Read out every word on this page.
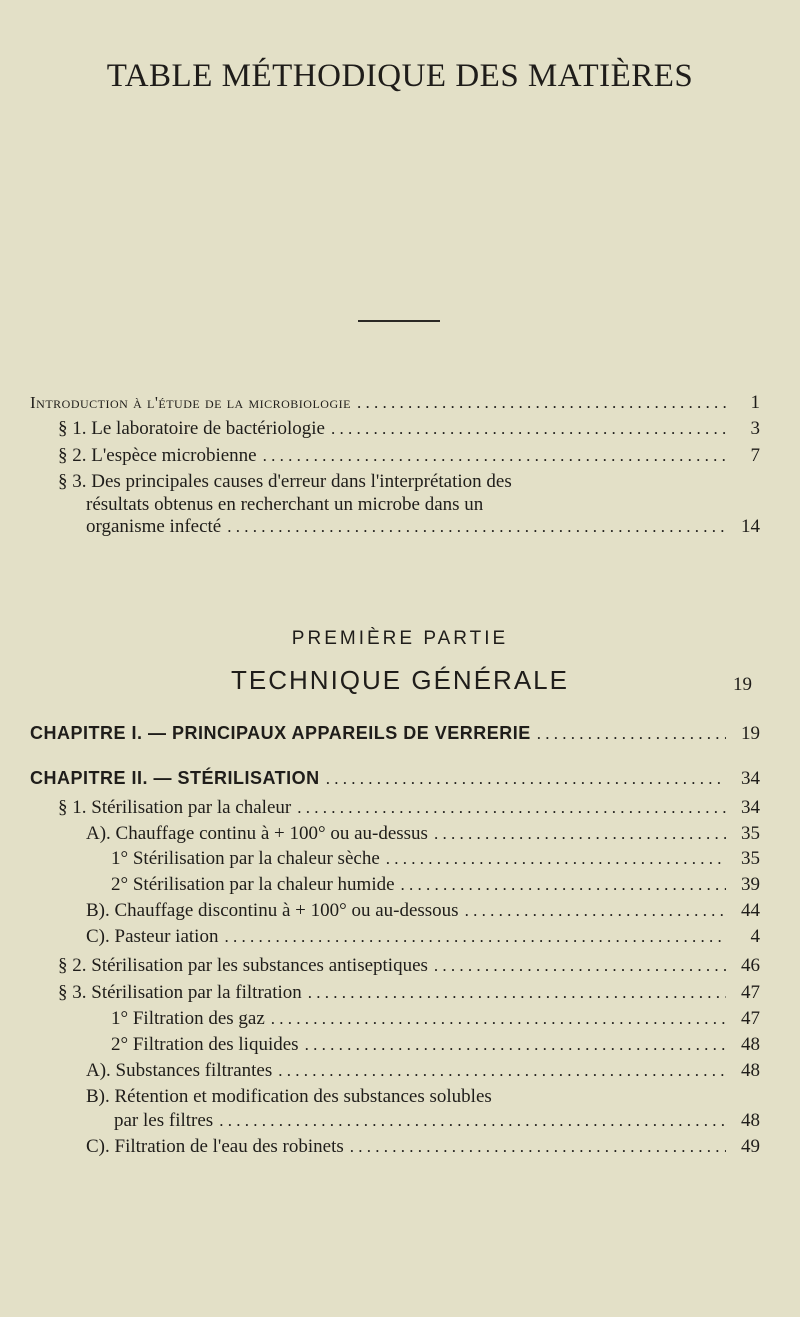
TABLE MÉTHODIQUE DES MATIÈRES
Introduction à l'étude de la microbiologie . . .	1
§ 1. Le laboratoire de bactériologie . . .	3
§ 2. L'espèce microbienne . . .	7
§ 3. Des principales causes d'erreur dans l'interprétation des
résultats obtenus en recherchant un microbe dans un
organisme infecté . . .	14
PREMIÈRE PARTIE
TECHNIQUE GÉNÉRALE	19
CHAPITRE I. — PRINCIPAUX APPAREILS DE VERRERIE . . .	19
CHAPITRE II. — STÉRILISATION . . .	34
§ 1. Stérilisation par la chaleur . . .	34
A). Chauffage continu à + 100° ou au-dessus . . .	35
1° Stérilisation par la chaleur sèche . . .	35
2° Stérilisation par la chaleur humide . . .	39
B). Chauffage discontinu à + 100° ou au-dessous . . .	44
C). Pasteur iation . . .	4
§ 2. Stérilisation par les substances antiseptiques . . .	46
§ 3. Stérilisation par la filtration . . .	47
1° Filtration des gaz . . .	47
2° Filtration des liquides . . .	48
A). Substances filtrantes . . .	48
B). Rétention et modification des substances solubles
par les filtres . . .	48
C). Filtration de l'eau des robinets . . .	49
